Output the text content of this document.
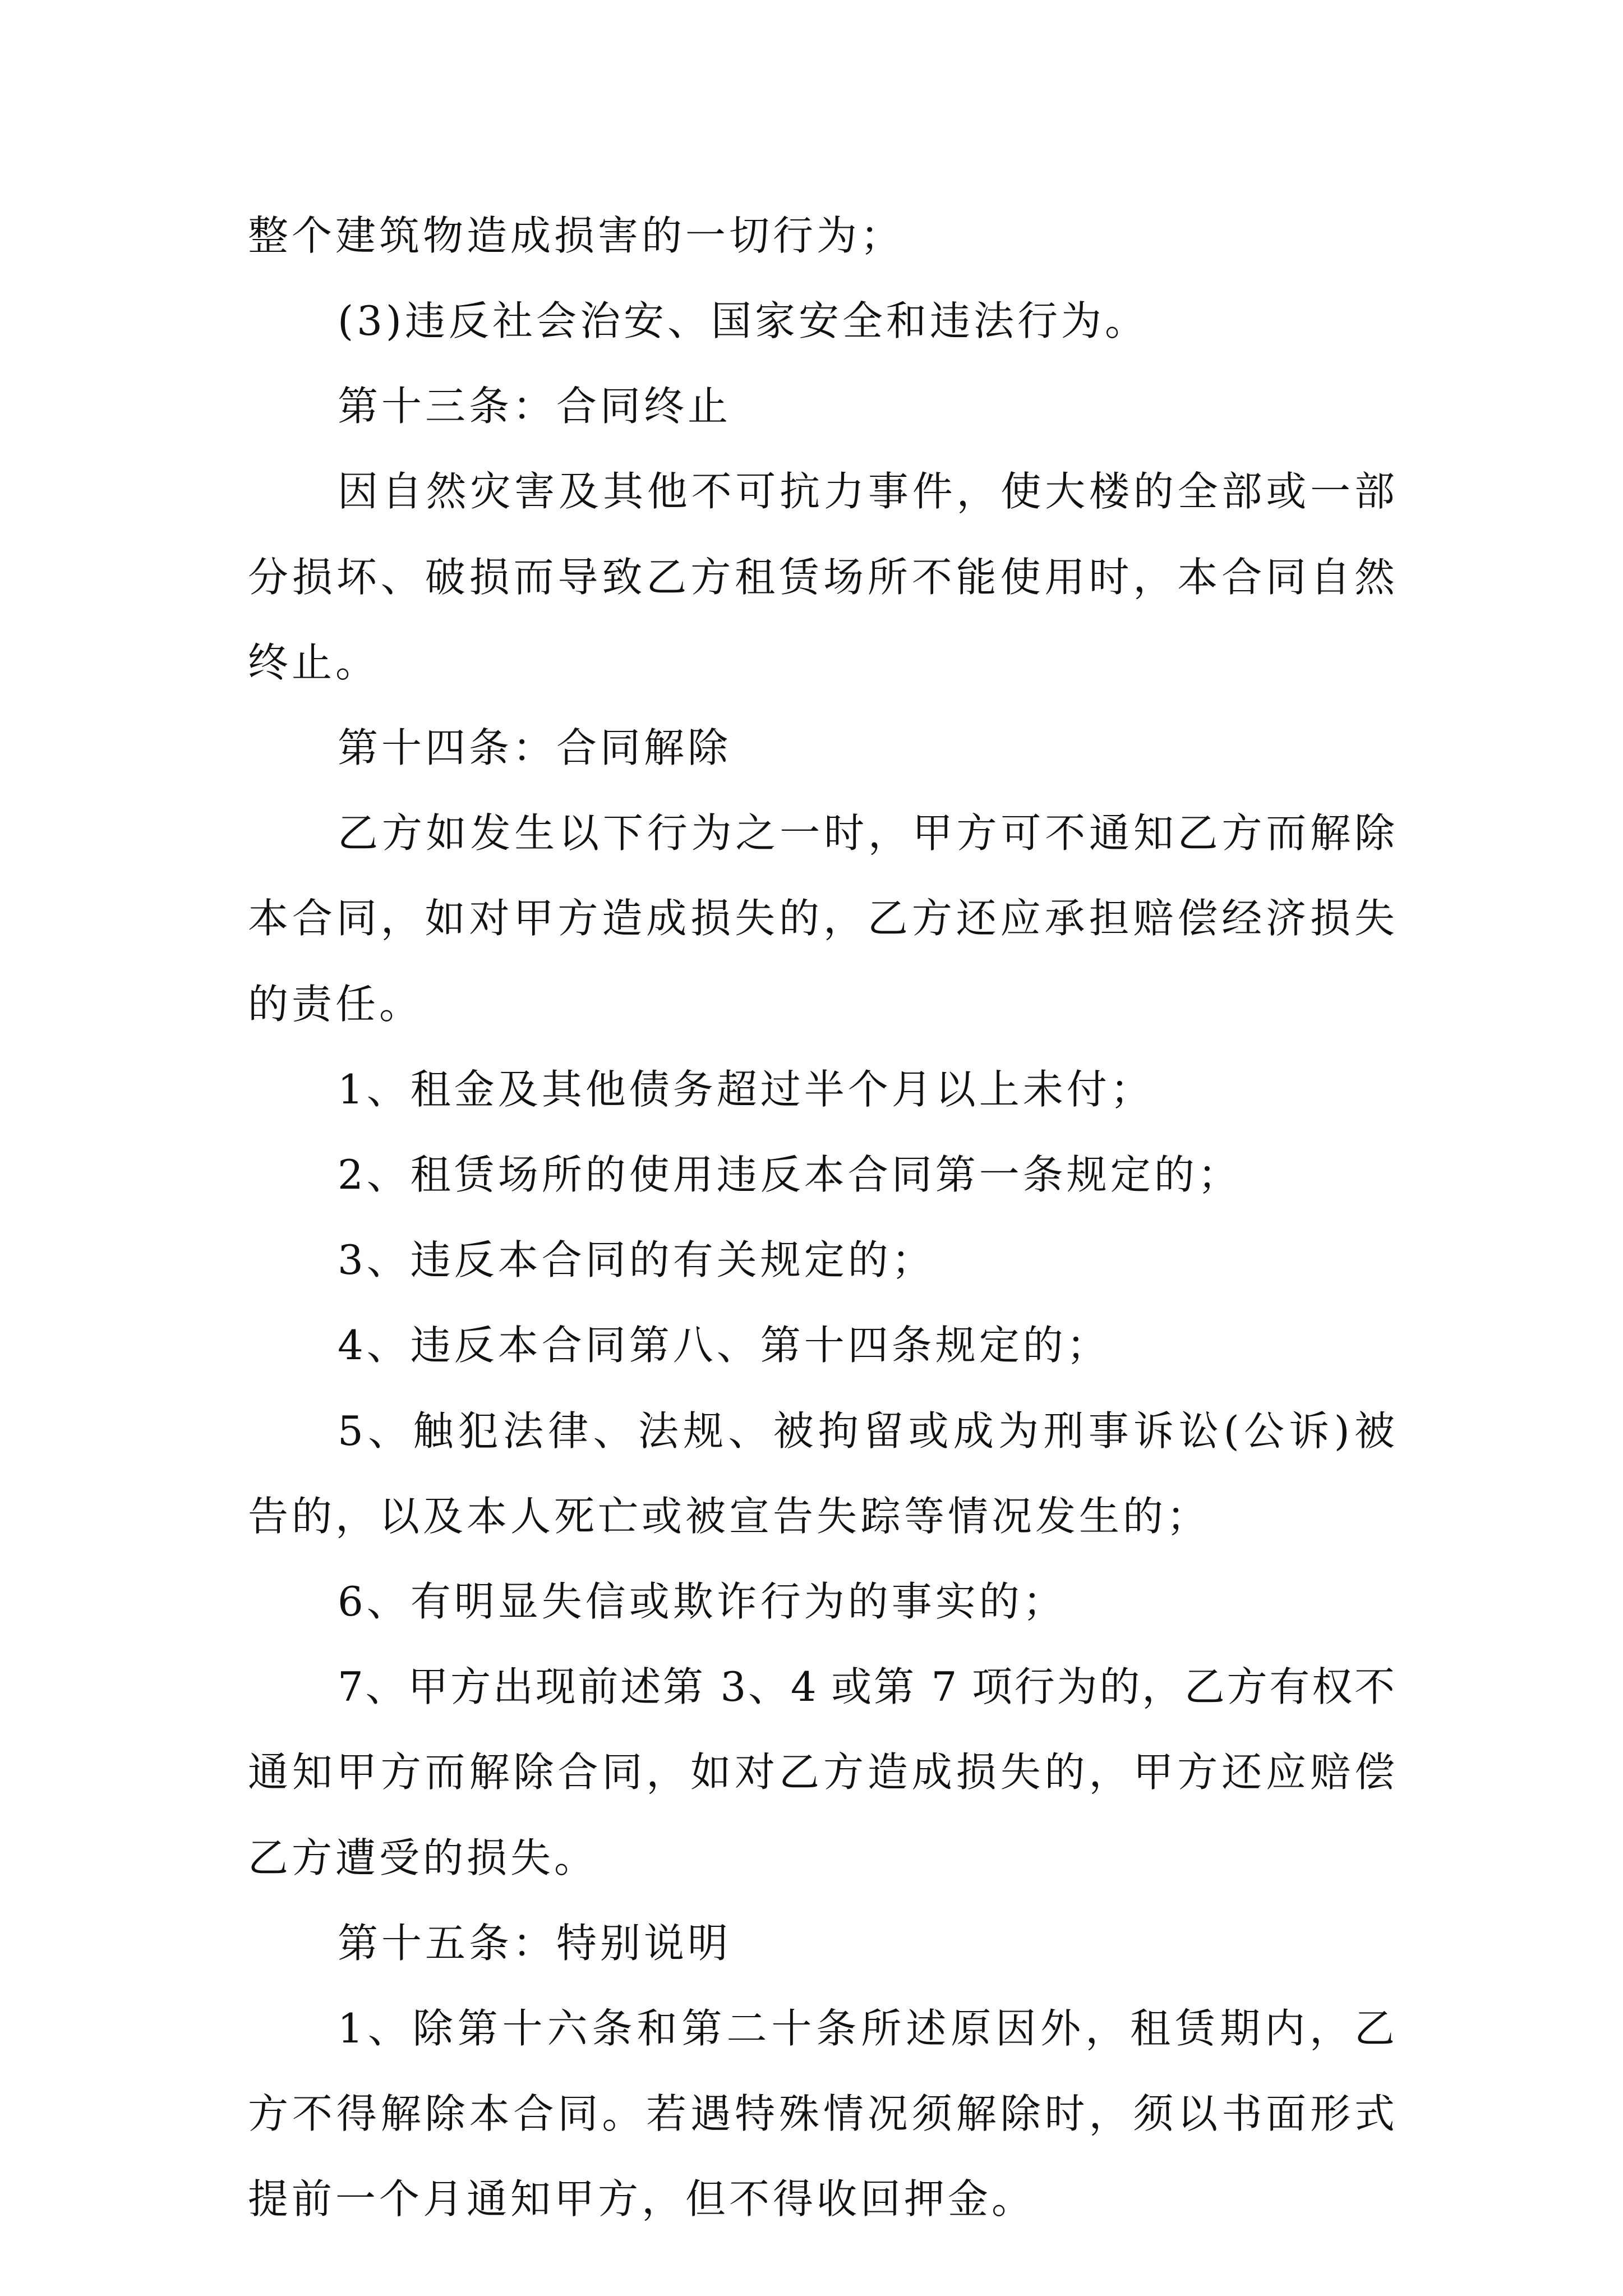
整个建筑物造成损害的一切行为；
(3)违反社会治安、国家安全和违法行为。
第十三条：合同终止
因自然灾害及其他不可抗力事件，使大楼的全部或一部
分损坏、破损而导致乙方租赁场所不能使用时，本合同自然
终止。
第十四条：合同解除
乙方如发生以下行为之一时，甲方可不通知乙方而解除
本合同，如对甲方造成损失的，乙方还应承担赔偿经济损失
的责任。
1、租金及其他债务超过半个月以上未付；
2、租赁场所的使用违反本合同第一条规定的；
3、违反本合同的有关规定的；
4、违反本合同第八、第十四条规定的；
5、触犯法律、法规、被拘留或成为刑事诉讼(公诉)被
告的，以及本人死亡或被宣告失踪等情况发生的；
6、有明显失信或欺诈行为的事实的；
7、甲方出现前述第 3、4 或第 7 项行为的，乙方有权不
通知甲方而解除合同，如对乙方造成损失的，甲方还应赔偿
乙方遭受的损失。
第十五条：特别说明
1、除第十六条和第二十条所述原因外，租赁期内，乙
方不得解除本合同。若遇特殊情况须解除时，须以书面形式
提前一个月通知甲方，但不得收回押金。
